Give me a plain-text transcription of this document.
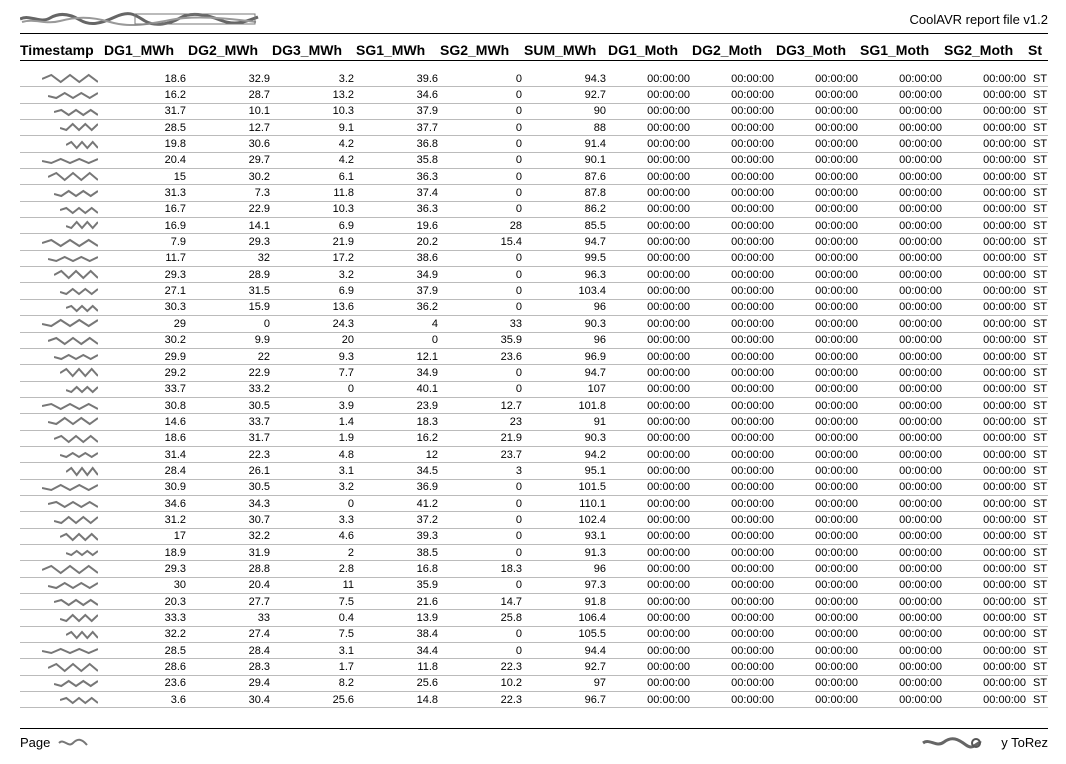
CoolAVR report file v1.2
Timestamp	DG1_MWh	DG2_MWh	DG3_MWh	SG1_MWh	SG2_MWh	SUM_MWh	DG1_Moth	DG2_Moth	DG3_Moth	SG1_Moth	SG2_Moth	St

	18.6	32.9	3.2	39.6	0	94.3	00:00:00	00:00:00	00:00:00	00:00:00	00:00:00	ST
	16.2	28.7	13.2	34.6	0	92.7	00:00:00	00:00:00	00:00:00	00:00:00	00:00:00	ST
	31.7	10.1	10.3	37.9	0	90	00:00:00	00:00:00	00:00:00	00:00:00	00:00:00	ST
	28.5	12.7	9.1	37.7	0	88	00:00:00	00:00:00	00:00:00	00:00:00	00:00:00	ST
	19.8	30.6	4.2	36.8	0	91.4	00:00:00	00:00:00	00:00:00	00:00:00	00:00:00	ST
	20.4	29.7	4.2	35.8	0	90.1	00:00:00	00:00:00	00:00:00	00:00:00	00:00:00	ST
	15	30.2	6.1	36.3	0	87.6	00:00:00	00:00:00	00:00:00	00:00:00	00:00:00	ST
	31.3	7.3	11.8	37.4	0	87.8	00:00:00	00:00:00	00:00:00	00:00:00	00:00:00	ST
	16.7	22.9	10.3	36.3	0	86.2	00:00:00	00:00:00	00:00:00	00:00:00	00:00:00	ST
	16.9	14.1	6.9	19.6	28	85.5	00:00:00	00:00:00	00:00:00	00:00:00	00:00:00	ST
	7.9	29.3	21.9	20.2	15.4	94.7	00:00:00	00:00:00	00:00:00	00:00:00	00:00:00	ST
	11.7	32	17.2	38.6	0	99.5	00:00:00	00:00:00	00:00:00	00:00:00	00:00:00	ST
	29.3	28.9	3.2	34.9	0	96.3	00:00:00	00:00:00	00:00:00	00:00:00	00:00:00	ST
	27.1	31.5	6.9	37.9	0	103.4	00:00:00	00:00:00	00:00:00	00:00:00	00:00:00	ST
	30.3	15.9	13.6	36.2	0	96	00:00:00	00:00:00	00:00:00	00:00:00	00:00:00	ST
	29	0	24.3	4	33	90.3	00:00:00	00:00:00	00:00:00	00:00:00	00:00:00	ST
	30.2	9.9	20	0	35.9	96	00:00:00	00:00:00	00:00:00	00:00:00	00:00:00	ST
	29.9	22	9.3	12.1	23.6	96.9	00:00:00	00:00:00	00:00:00	00:00:00	00:00:00	ST
	29.2	22.9	7.7	34.9	0	94.7	00:00:00	00:00:00	00:00:00	00:00:00	00:00:00	ST
	33.7	33.2	0	40.1	0	107	00:00:00	00:00:00	00:00:00	00:00:00	00:00:00	ST
	30.8	30.5	3.9	23.9	12.7	101.8	00:00:00	00:00:00	00:00:00	00:00:00	00:00:00	ST
	14.6	33.7	1.4	18.3	23	91	00:00:00	00:00:00	00:00:00	00:00:00	00:00:00	ST
	18.6	31.7	1.9	16.2	21.9	90.3	00:00:00	00:00:00	00:00:00	00:00:00	00:00:00	ST
	31.4	22.3	4.8	12	23.7	94.2	00:00:00	00:00:00	00:00:00	00:00:00	00:00:00	ST
	28.4	26.1	3.1	34.5	3	95.1	00:00:00	00:00:00	00:00:00	00:00:00	00:00:00	ST
	30.9	30.5	3.2	36.9	0	101.5	00:00:00	00:00:00	00:00:00	00:00:00	00:00:00	ST
	34.6	34.3	0	41.2	0	110.1	00:00:00	00:00:00	00:00:00	00:00:00	00:00:00	ST
	31.2	30.7	3.3	37.2	0	102.4	00:00:00	00:00:00	00:00:00	00:00:00	00:00:00	ST
	17	32.2	4.6	39.3	0	93.1	00:00:00	00:00:00	00:00:00	00:00:00	00:00:00	ST
	18.9	31.9	2	38.5	0	91.3	00:00:00	00:00:00	00:00:00	00:00:00	00:00:00	ST
	29.3	28.8	2.8	16.8	18.3	96	00:00:00	00:00:00	00:00:00	00:00:00	00:00:00	ST
	30	20.4	11	35.9	0	97.3	00:00:00	00:00:00	00:00:00	00:00:00	00:00:00	ST
	20.3	27.7	7.5	21.6	14.7	91.8	00:00:00	00:00:00	00:00:00	00:00:00	00:00:00	ST
	33.3	33	0.4	13.9	25.8	106.4	00:00:00	00:00:00	00:00:00	00:00:00	00:00:00	ST
	32.2	27.4	7.5	38.4	0	105.5	00:00:00	00:00:00	00:00:00	00:00:00	00:00:00	ST
	28.5	28.4	3.1	34.4	0	94.4	00:00:00	00:00:00	00:00:00	00:00:00	00:00:00	ST
	28.6	28.3	1.7	11.8	22.3	92.7	00:00:00	00:00:00	00:00:00	00:00:00	00:00:00	ST
	23.6	29.4	8.2	25.6	10.2	97	00:00:00	00:00:00	00:00:00	00:00:00	00:00:00	ST
	3.6	30.4	25.6	14.8	22.3	96.7	00:00:00	00:00:00	00:00:00	00:00:00	00:00:00	ST
Page	y ToRez
